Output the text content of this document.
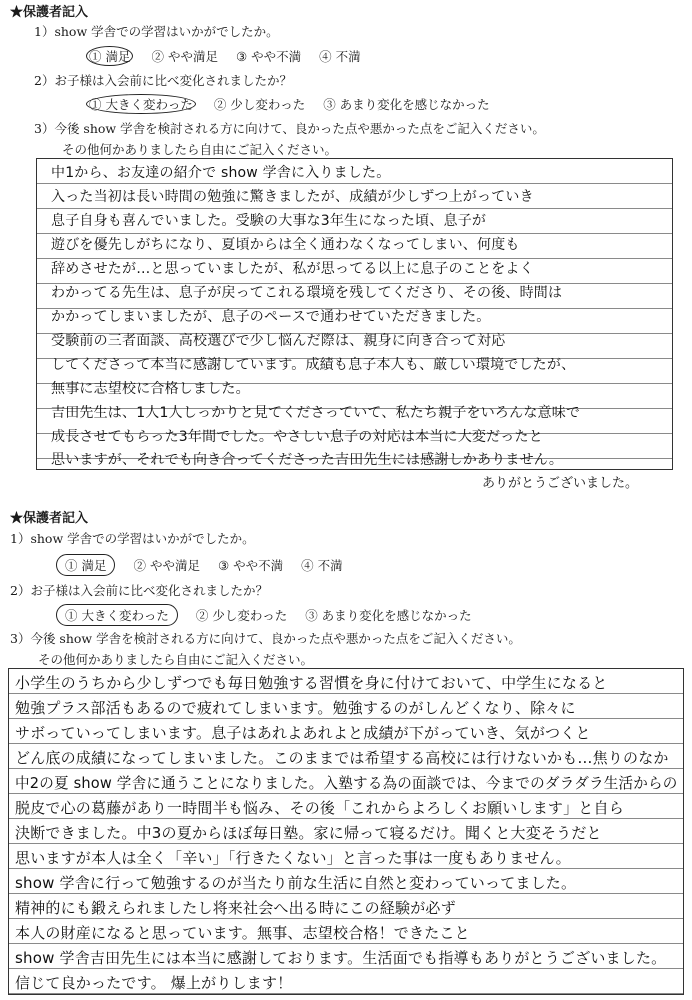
★保護者記入
1）show 学舎での学習はいかがでしたか。
① 満足 ② やや満足 ③ やや不満 ④ 不満
2）お子様は入会前に比べ変化されましたか？
① 大きく変わった ② 少し変わった ③ あまり変化を感じなかった
3）今後 show 学舎を検討される方に向けて、良かった点や悪かった点をご記入ください。
その他何かありましたら自由にご記入ください。
中1から、お友達の紹介で show 学舎に入りました。
入った当初は長い時間の勉強に驚きましたが、成績が少しずつ上がっていき
息子自身も喜んでいました。受験の大事な3年生になった頃、息子が
遊びを優先しがちになり、夏頃からは全く通わなくなってしまい、何度も
辞めさせたが…と思っていましたが、私が思ってる以上に息子のことをよく
わかってる先生は、息子が戻ってこれる環境を残してくださり、その後、時間は
かかってしまいましたが、息子のペースで通わせていただきました。
受験前の三者面談、高校選びで少し悩んだ際は、親身に向き合って対応
してくださって本当に感謝しています。成績も息子本人も、厳しい環境でしたが、
無事に志望校に合格しました。
吉田先生は、1人1人しっかりと見てくださっていて、私たち親子をいろんな意味で
成長させてもらった3年間でした。やさしい息子の対応は本当に大変だったと
思いますが、それでも向き合ってくださった吉田先生には感謝しかありません。
ありがとうございました。
★保護者記入
1）show 学舎での学習はいかがでしたか。
① 満足 ② やや満足 ③ やや不満 ④ 不満
2）お子様は入会前に比べ変化されましたか？
① 大きく変わった ② 少し変わった ③ あまり変化を感じなかった
3）今後 show 学舎を検討される方に向けて、良かった点や悪かった点をご記入ください。
その他何かありましたら自由にご記入ください。
小学生のうちから少しずつでも毎日勉強する習慣を身に付けておいて、中学生になると
勉強プラス部活もあるので疲れてしまいます。勉強するのがしんどくなり、除々に
サボっていってしまいます。息子はあれよあれよと成績が下がっていき、気がつくと
どん底の成績になってしまいました。このままでは希望する高校には行けないかも…焦りのなか
中2の夏 show 学舎に通うことになりました。入塾する為の面談では、今までのダラダラ生活からの
脱皮で心の葛藤があり一時間半も悩み、その後「これからよろしくお願いします」と自ら
決断できました。中3の夏からほぼ毎日塾。家に帰って寝るだけ。聞くと大変そうだと
思いますが本人は全く「辛い」「行きたくない」と言った事は一度もありません。
show 学舎に行って勉強するのが当たり前な生活に自然と変わっていってました。
精神的にも鍛えられましたし将来社会へ出る時にこの経験が必ず
本人の財産になると思っています。無事、志望校合格！できたこと
show 学舎吉田先生には本当に感謝しております。生活面でも指導もありがとうございました。
信じて良かったです。 爆上がりします！
